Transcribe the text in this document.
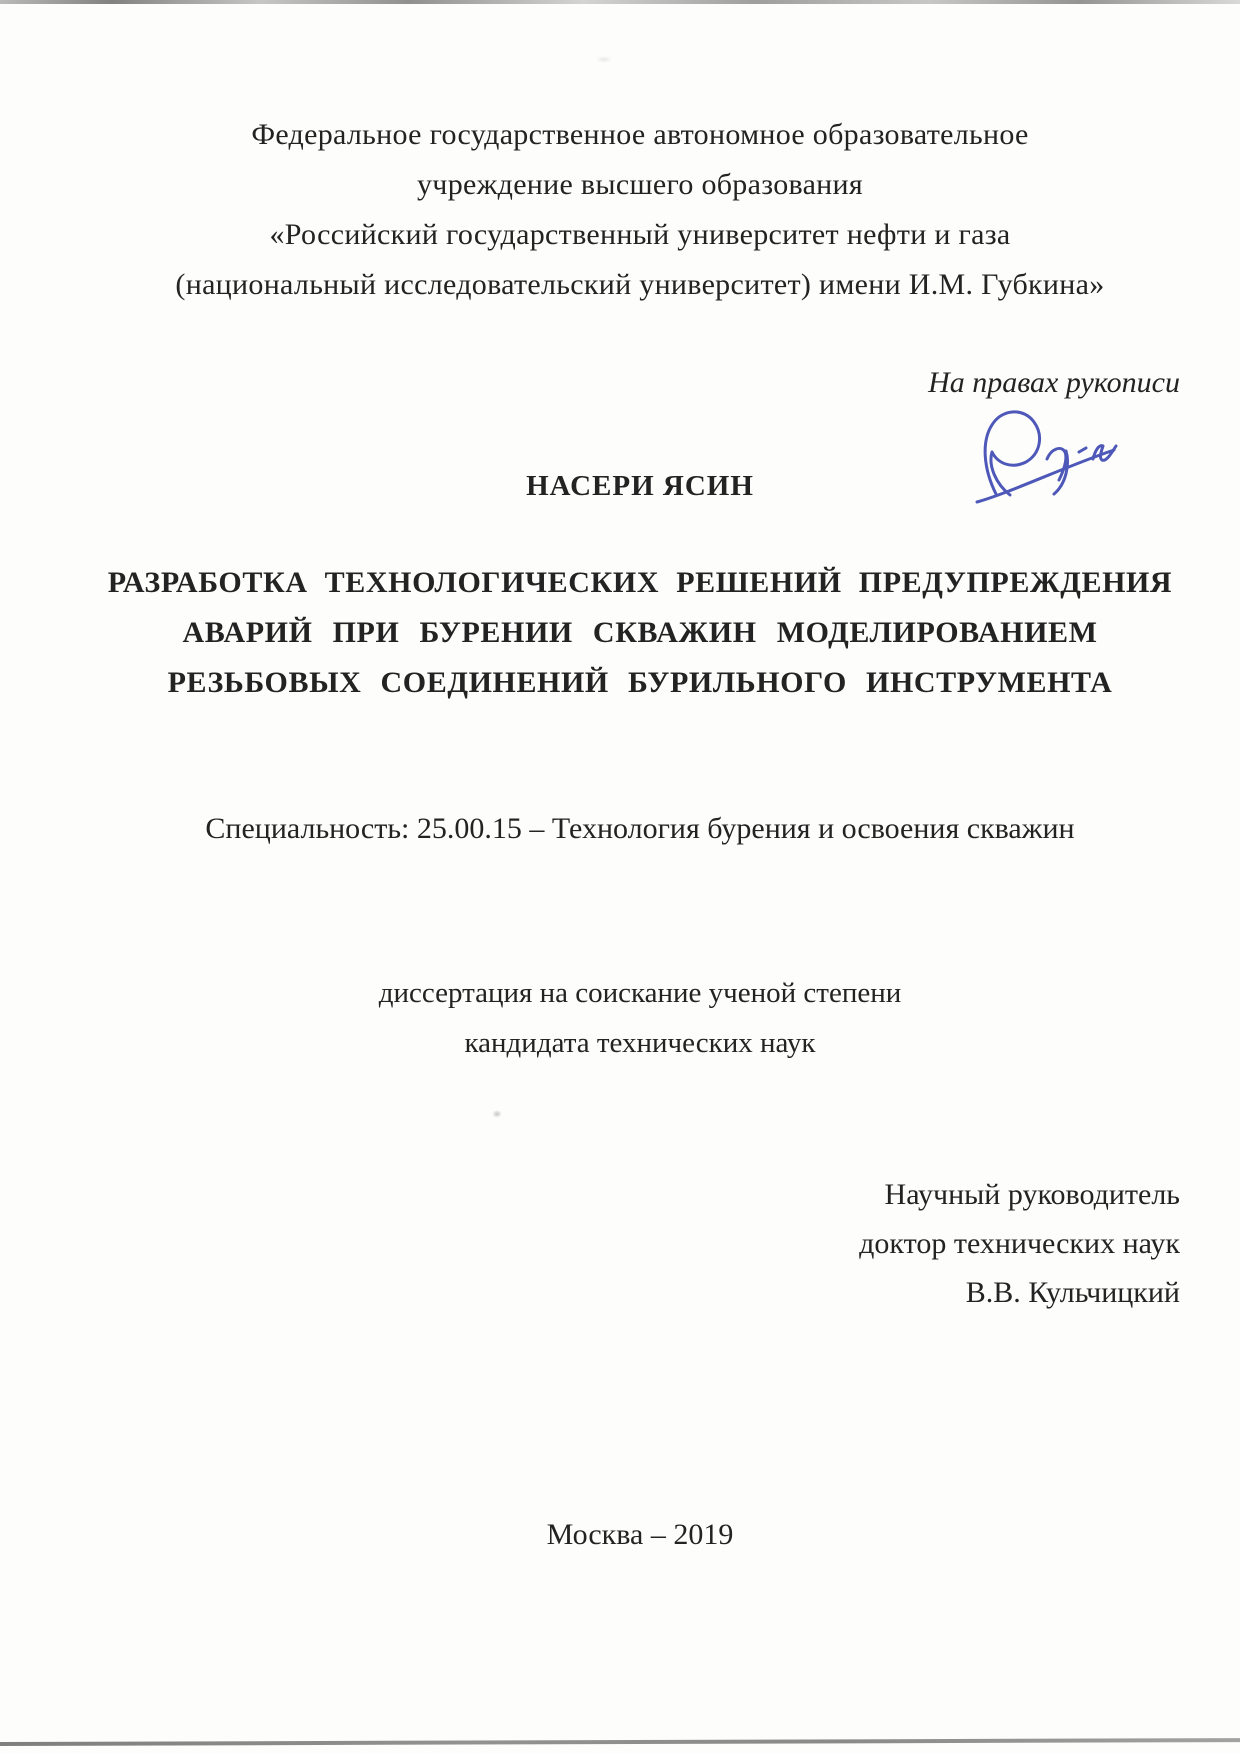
Федеральное государственное автономное образовательное
учреждение высшего образования
«Российский государственный университет нефти и газа
(национальный исследовательский университет) имени И.М. Губкина»
На правах рукописи
НАСЕРИ ЯСИН
РАЗРАБОТКА ТЕХНОЛОГИЧЕСКИХ РЕШЕНИЙ ПРЕДУПРЕЖДЕНИЯ
АВАРИЙ ПРИ БУРЕНИИ СКВАЖИН МОДЕЛИРОВАНИЕМ
РЕЗЬБОВЫХ СОЕДИНЕНИЙ БУРИЛЬНОГО ИНСТРУМЕНТА
Специальность: 25.00.15 – Технология бурения и освоения скважин
диссертация на соискание ученой степени
кандидата технических наук
Научный руководитель
доктор технических наук
В.В. Кульчицкий
Москва – 2019
